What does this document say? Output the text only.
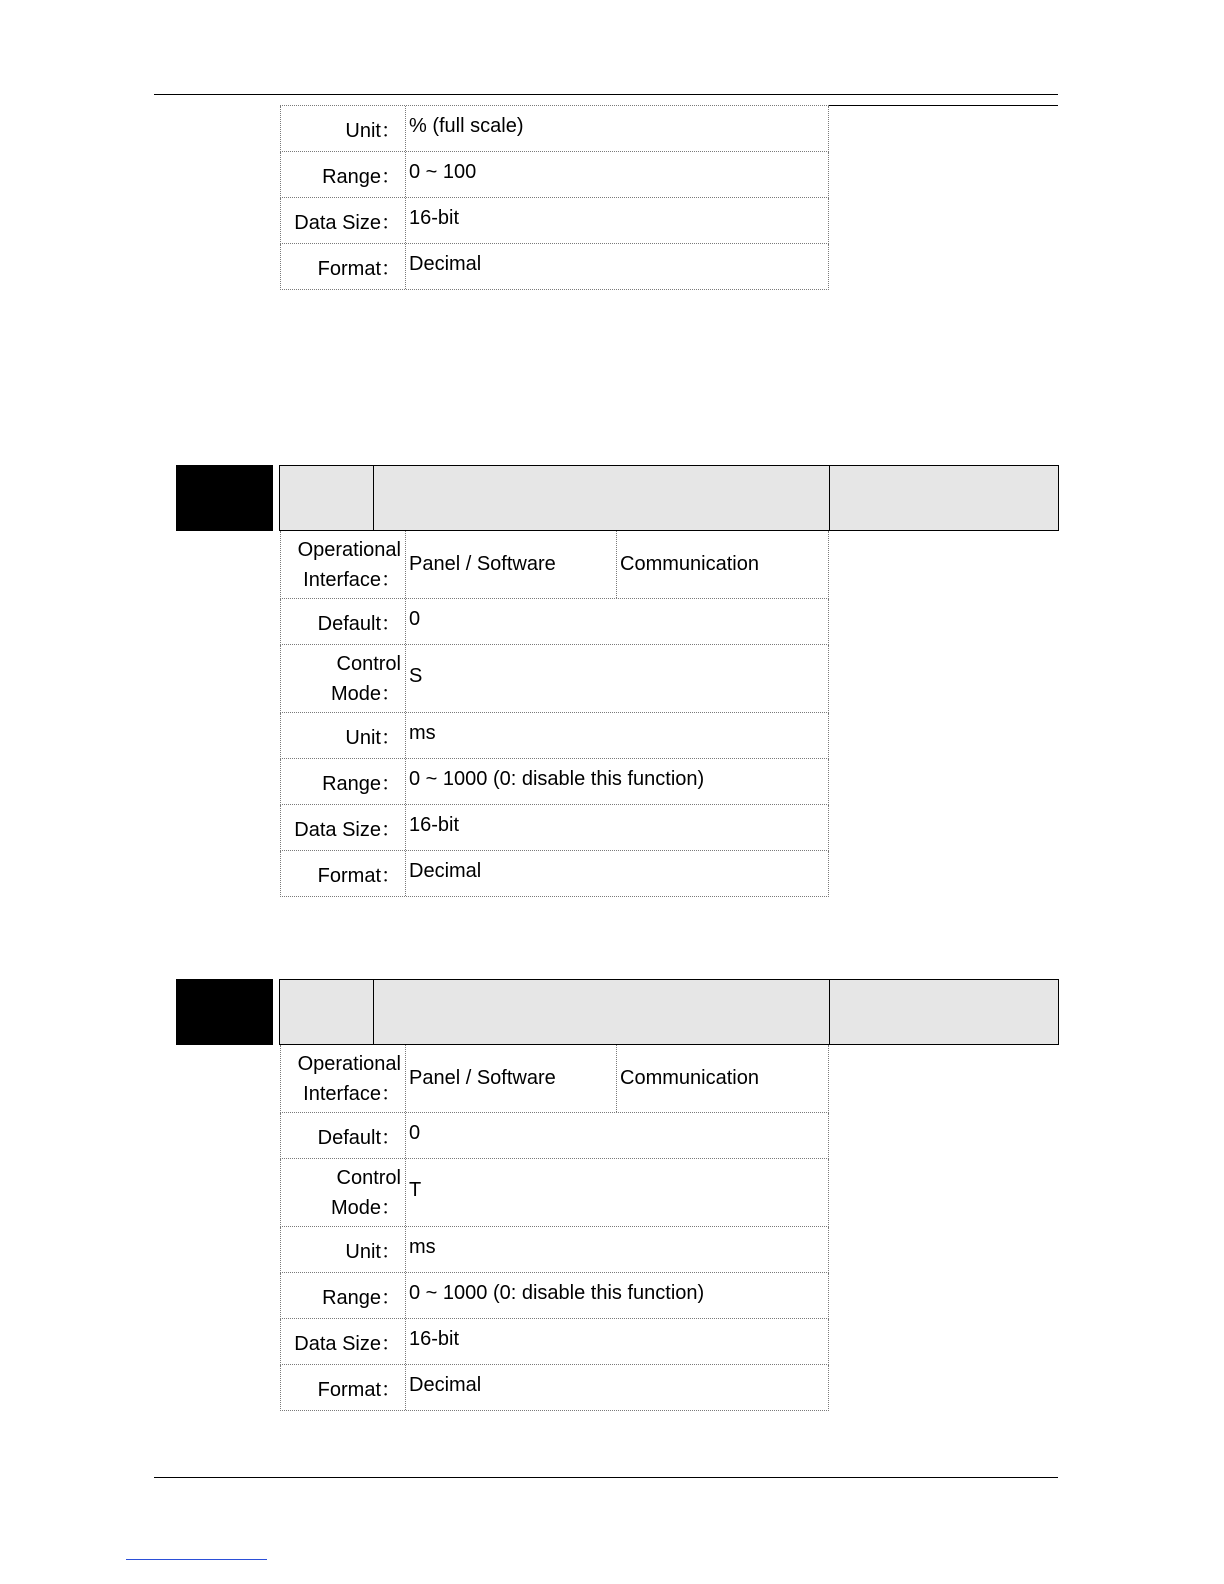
Unit： % (full scale)
Range： 0 ~ 100
Data Size： 16-bit
Format： Decimal
Operational
Interface：
Panel / Software	Communication
Default： 0
Control
Mode：
S
Unit： ms
Range： 0 ~ 1000 (0: disable this function)
Data Size： 16-bit
Format： Decimal
Operational
Interface：
Panel / Software	Communication
Default： 0
Control
Mode：
T
Unit： ms
Range： 0 ~ 1000 (0: disable this function)
Data Size： 16-bit
Format： Decimal
